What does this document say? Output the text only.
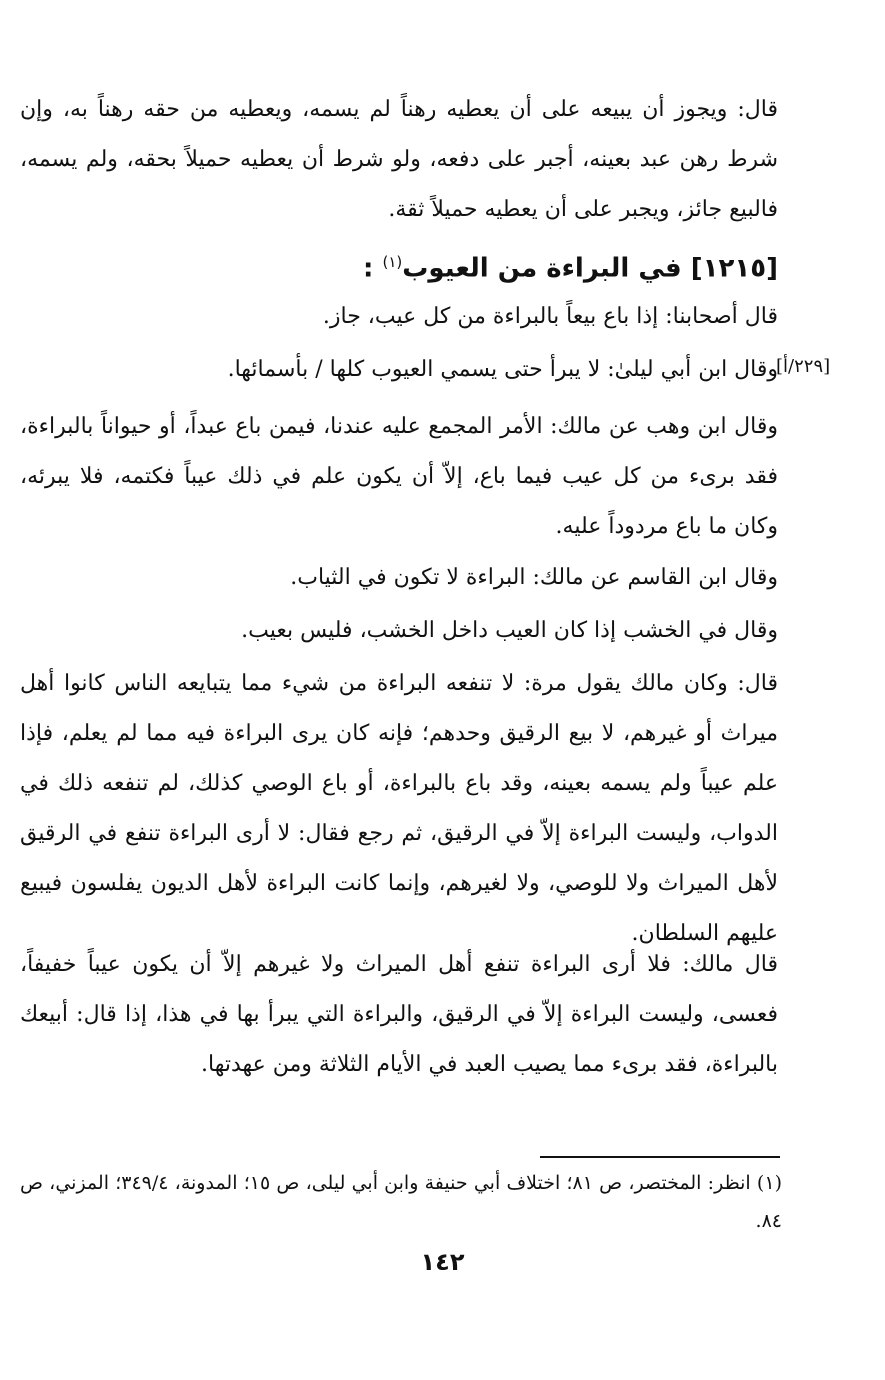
قال: ويجوز أن يبيعه على أن يعطيه رهناً لم يسمه، ويعطيه من حقه رهناً به، وإن شرط رهن عبد بعينه، أجبر على دفعه، ولو شرط أن يعطيه حميلاً بحقه، ولم يسمه، فالبيع جائز، ويجبر على أن يعطيه حميلاً ثقة.

[١٢١٥] في البراءة من العيوب$^{(١)}$ :

قال أصحابنا: إذا باع بيعاً بالبراءة من كل عيب، جاز.

[٢٢٩/أ]

وقال ابن أبي ليلىٰ: لا يبرأ حتى يسمي العيوب كلها / بأسمائها.

وقال ابن وهب عن مالك: الأمر المجمع عليه عندنا، فيمن باع عبداً، أو حيواناً بالبراءة، فقد برىء من كل عيب فيما باع، إلاّ أن يكون علم في ذلك عيباً فكتمه، فلا يبرئه، وكان ما باع مردوداً عليه.

وقال ابن القاسم عن مالك: البراءة لا تكون في الثياب.

وقال في الخشب إذا كان العيب داخل الخشب، فليس بعيب.

قال: وكان مالك يقول مرة: لا تنفعه البراءة من شيء مما يتبايعه الناس كانوا أهل ميراث أو غيرهم، لا بيع الرقيق وحدهم؛ فإنه كان يرى البراءة فيه مما لم يعلم، فإذا علم عيباً ولم يسمه بعينه، وقد باع بالبراءة، أو باع الوصي كذلك، لم تنفعه ذلك في الدواب، وليست البراءة إلاّ في الرقيق، ثم رجع فقال: لا أرى البراءة تنفع في الرقيق لأهل الميراث ولا للوصي، ولا لغيرهم، وإنما كانت البراءة لأهل الديون يفلسون فيبيع عليهم السلطان.

قال مالك: فلا أرى البراءة تنفع أهل الميراث ولا غيرهم إلاّ أن يكون عيباً خفيفاً، فعسى، وليست البراءة إلاّ في الرقيق، والبراءة التي يبرأ بها في هذا، إذا قال: أبيعك بالبراءة، فقد برىء مما يصيب العبد في الأيام الثلاثة ومن عهدتها.

(١) انظر: المختصر، ص ٨١؛ اختلاف أبي حنيفة وابن أبي ليلى، ص ١٥؛ المدونة، ٣٤٩/٤؛ المزني، ص ٨٤.

١٤٢
